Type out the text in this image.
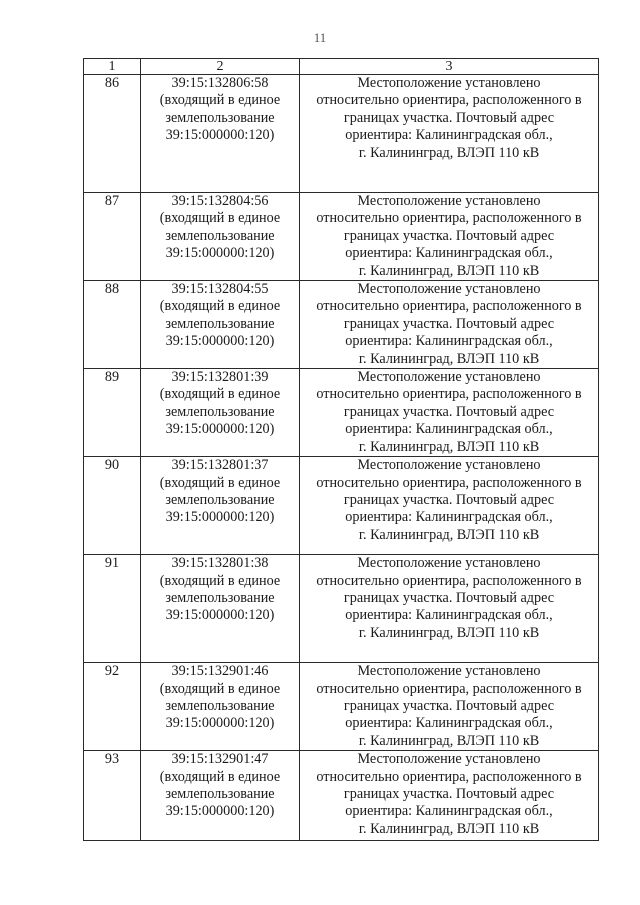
11
1	2	3
86	39:15:132806:58
(входящий в единое
землепользование
39:15:000000:120)	Местоположение установлено
относительно ориентира, расположенного в
границах участка. Почтовый адрес
ориентира: Калининградская обл.,
г. Калининград, ВЛЭП 110 кВ

87	39:15:132804:56
(входящий в единое
землепользование
39:15:000000:120)	Местоположение установлено
относительно ориентира, расположенного в
границах участка. Почтовый адрес
ориентира: Калининградская обл.,
г. Калининград, ВЛЭП 110 кВ

88	39:15:132804:55
(входящий в единое
землепользование
39:15:000000:120)	Местоположение установлено
относительно ориентира, расположенного в
границах участка. Почтовый адрес
ориентира: Калининградская обл.,
г. Калининград, ВЛЭП 110 кВ

89	39:15:132801:39
(входящий в единое
землепользование
39:15:000000:120)	Местоположение установлено
относительно ориентира, расположенного в
границах участка. Почтовый адрес
ориентира: Калининградская обл.,
г. Калининград, ВЛЭП 110 кВ

90	39:15:132801:37
(входящий в единое
землепользование
39:15:000000:120)	Местоположение установлено
относительно ориентира, расположенного в
границах участка. Почтовый адрес
ориентира: Калининградская обл.,
г. Калининград, ВЛЭП 110 кВ

91	39:15:132801:38
(входящий в единое
землепользование
39:15:000000:120)	Местоположение установлено
относительно ориентира, расположенного в
границах участка. Почтовый адрес
ориентира: Калининградская обл.,
г. Калининград, ВЛЭП 110 кВ

92	39:15:132901:46
(входящий в единое
землепользование
39:15:000000:120)	Местоположение установлено
относительно ориентира, расположенного в
границах участка. Почтовый адрес
ориентира: Калининградская обл.,
г. Калининград, ВЛЭП 110 кВ

93	39:15:132901:47
(входящий в единое
землепользование
39:15:000000:120)	Местоположение установлено
относительно ориентира, расположенного в
границах участка. Почтовый адрес
ориентира: Калининградская обл.,
г. Калининград, ВЛЭП 110 кВ
